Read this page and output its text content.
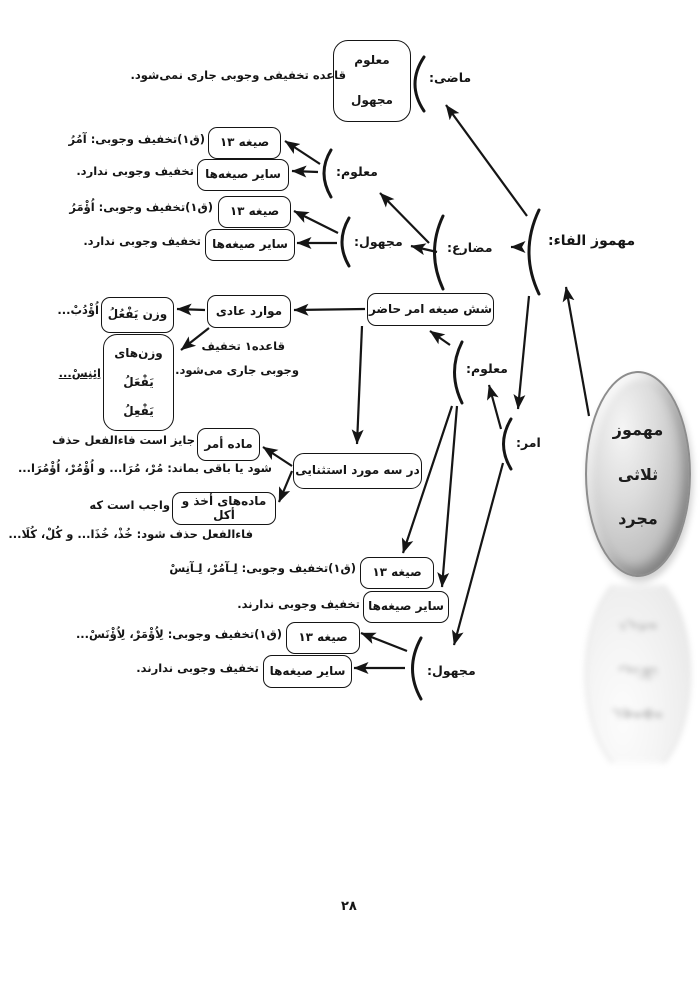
معلوم
مجهول
ماضی:
قاعده تخفیفی وجوبی جاری نمی‌شود.
صیغه ۱۳
(ق۱)تخفیف وجوبی: آمُرُ
سایر صیغه‌ها
تخفیف وجوبی ندارد.	معلوم:
صیغه ۱۳
(ق۱)تخفیف وجوبی: اُؤْمَرُ
سایر صیغه‌ها
تخفیف وجوبی ندارد.	مجهول:	مضارع:	مهموز الفاء:
شش صیغه امر حاضر
موارد عادی
وزن یَفْعُلُ
اُؤْدُبْ...
وزن‌های
یَفْعَلُ
یَفْعِلُ
اِئِنِسْ...
قاعده۱ تخفیف
وجوبی جاری می‌شود.	معلوم:
امر:
در سه مورد استثنایی
ماده أمر
جایز است فاءالفعل حذف
شود یا باقی بماند: مُرْ، مُرَا... و اُؤْمُرْ، اُؤْمُرَا...
ماده‌های أخذ و أکل
واجب است که
فاءالفعل حذف شود: خُذْ، خُذَا... و کُلْ، کُلَا...
صیغه ۱۳
(ق۱)تخفیف وجوبی: لِـآمُرْ، لِـآنِسْ
سایر صیغه‌ها
تخفیف وجوبی ندارند.
صیغه ۱۳
(ق۱)تخفیف وجوبی: لِاُؤْمَرْ، لِاُؤْنَسْ...
سایر صیغه‌ها
تخفیف وجوبی ندارند.	مجهول:
مهموز
ثلاثی
مجرد
مهموز
ثلاثی
مجرد
۲۸
